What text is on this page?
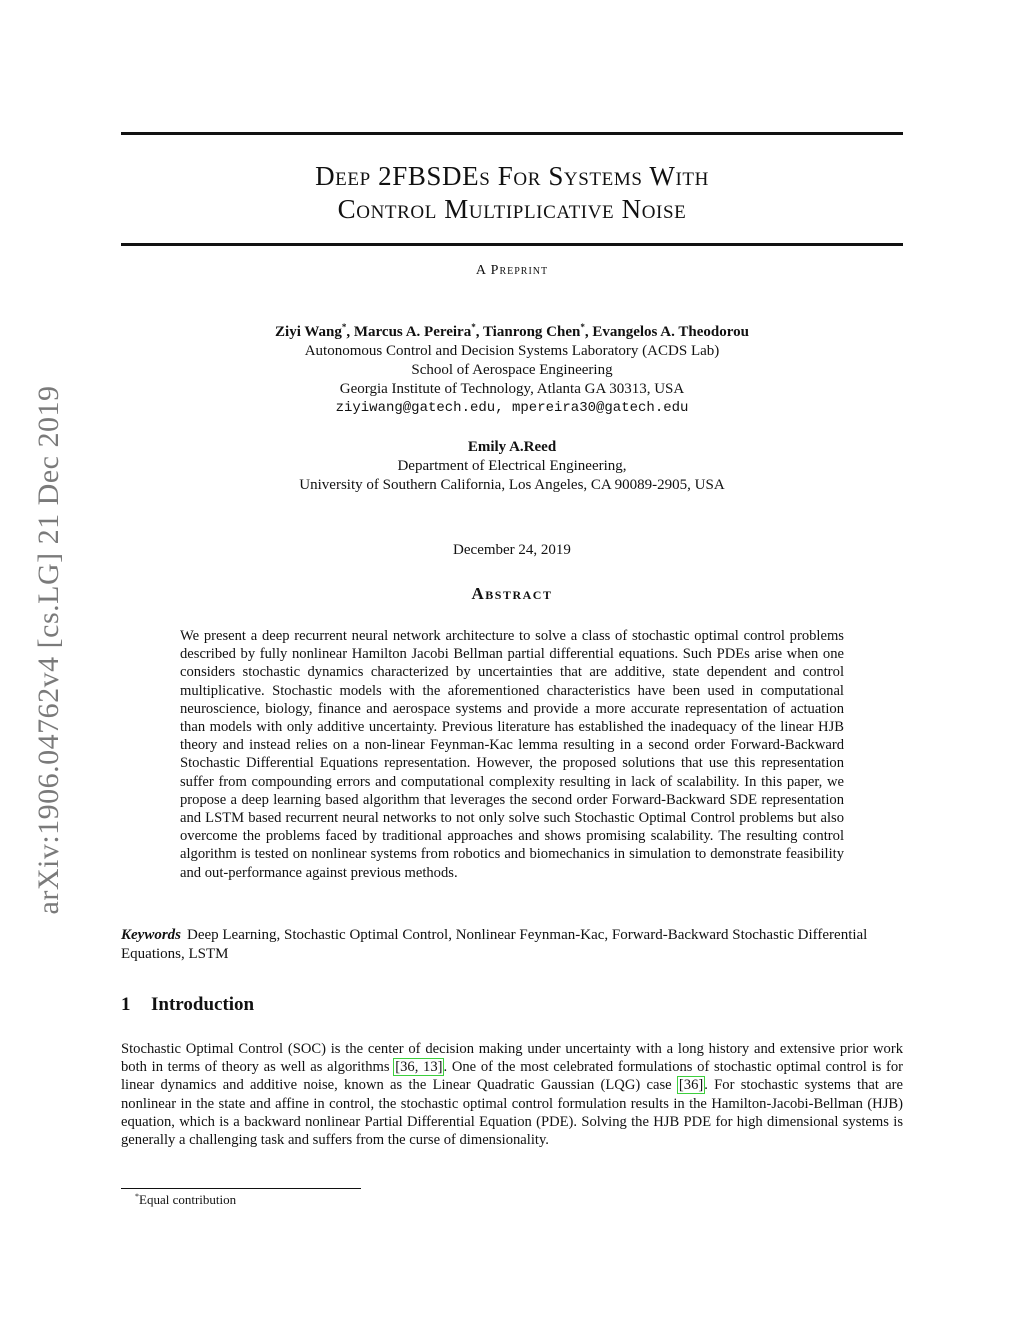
arXiv:1906.04762v4 [cs.LG] 21 Dec 2019
Deep 2FBSDEs For Systems With
Control Multiplicative Noise
A Preprint
Ziyi Wang*, Marcus A. Pereira*, Tianrong Chen*, Evangelos A. Theodorou
Autonomous Control and Decision Systems Laboratory (ACDS Lab)
School of Aerospace Engineering
Georgia Institute of Technology, Atlanta GA 30313, USA
ziyiwang@gatech.edu, mpereira30@gatech.edu
Emily A.Reed
Department of Electrical Engineering,
University of Southern California, Los Angeles, CA 90089-2905, USA
December 24, 2019
Abstract
We present a deep recurrent neural network architecture to solve a class of stochastic optimal control problems described by fully nonlinear Hamilton Jacobi Bellman partial differential equations. Such PDEs arise when one considers stochastic dynamics characterized by uncertainties that are additive, state dependent and control multiplicative. Stochastic models with the aforementioned characteristics have been used in computational neuroscience, biology, finance and aerospace systems and provide a more accurate representation of actuation than models with only additive uncertainty. Previous literature has established the inadequacy of the linear HJB theory and instead relies on a non-linear Feynman-Kac lemma resulting in a second order Forward-Backward Stochastic Differential Equations representation. However, the proposed solutions that use this representation suffer from compounding errors and computational complexity resulting in lack of scalability. In this paper, we propose a deep learning based algorithm that leverages the second order Forward-Backward SDE representation and LSTM based recurrent neural networks to not only solve such Stochastic Optimal Control problems but also overcome the problems faced by traditional approaches and shows promising scalability. The resulting control algorithm is tested on nonlinear systems from robotics and biomechanics in simulation to demonstrate feasibility and out-performance against previous methods.
Keywords Deep Learning, Stochastic Optimal Control, Nonlinear Feynman-Kac, Forward-Backward Stochastic Differential Equations, LSTM
1 Introduction
Stochastic Optimal Control (SOC) is the center of decision making under uncertainty with a long history and extensive prior work both in terms of theory as well as algorithms [36, 13]. One of the most celebrated formulations of stochastic optimal control is for linear dynamics and additive noise, known as the Linear Quadratic Gaussian (LQG) case [36]. For stochastic systems that are nonlinear in the state and affine in control, the stochastic optimal control formulation results in the Hamilton-Jacobi-Bellman (HJB) equation, which is a backward nonlinear Partial Differential Equation (PDE). Solving the HJB PDE for high dimensional systems is generally a challenging task and suffers from the curse of dimensionality.
*Equal contribution
